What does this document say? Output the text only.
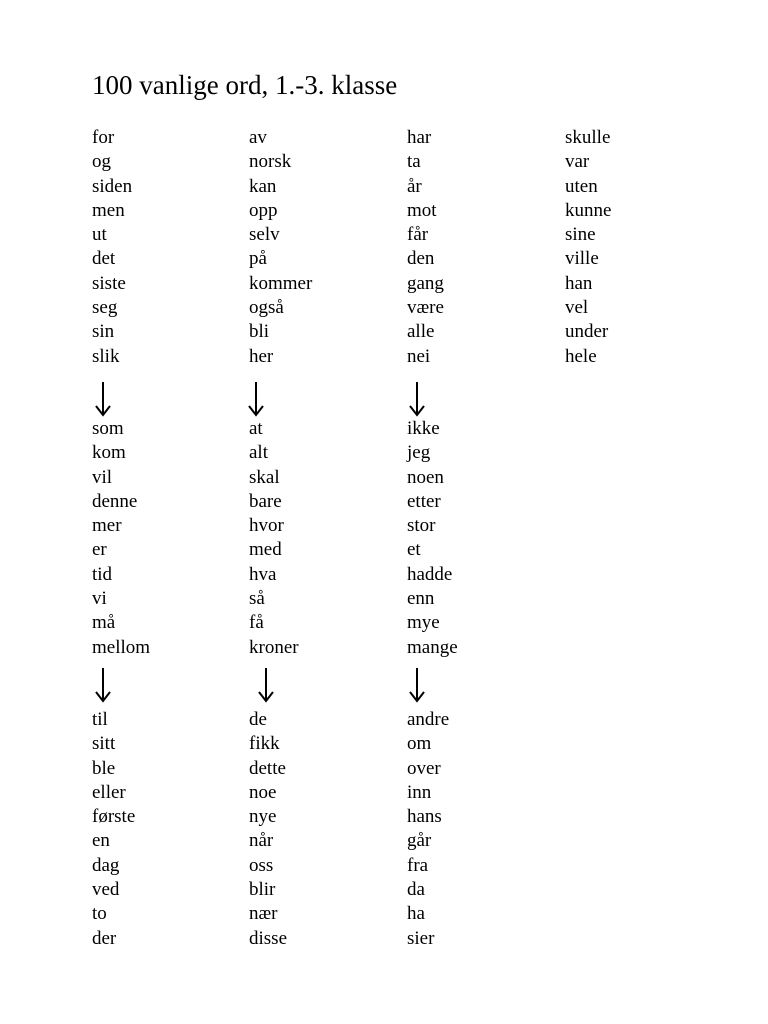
100 vanlige ord, 1.-3. klasse
for
og
siden
men
ut
det
siste
seg
sin
slik
av
norsk
kan
opp
selv
på
kommer
også
bli
her
har
ta
år
mot
får
den
gang
være
alle
nei
skulle
var
uten
kunne
sine
ville
han
vel
under
hele
som
kom
vil
denne
mer
er
tid
vi
må
mellom
at
alt
skal
bare
hvor
med
hva
så
få
kroner
ikke
jeg
noen
etter
stor
et
hadde
enn
mye
mange
til
sitt
ble
eller
første
en
dag
ved
to
der
de
fikk
dette
noe
nye
når
oss
blir
nær
disse
andre
om
over
inn
hans
går
fra
da
ha
sier
